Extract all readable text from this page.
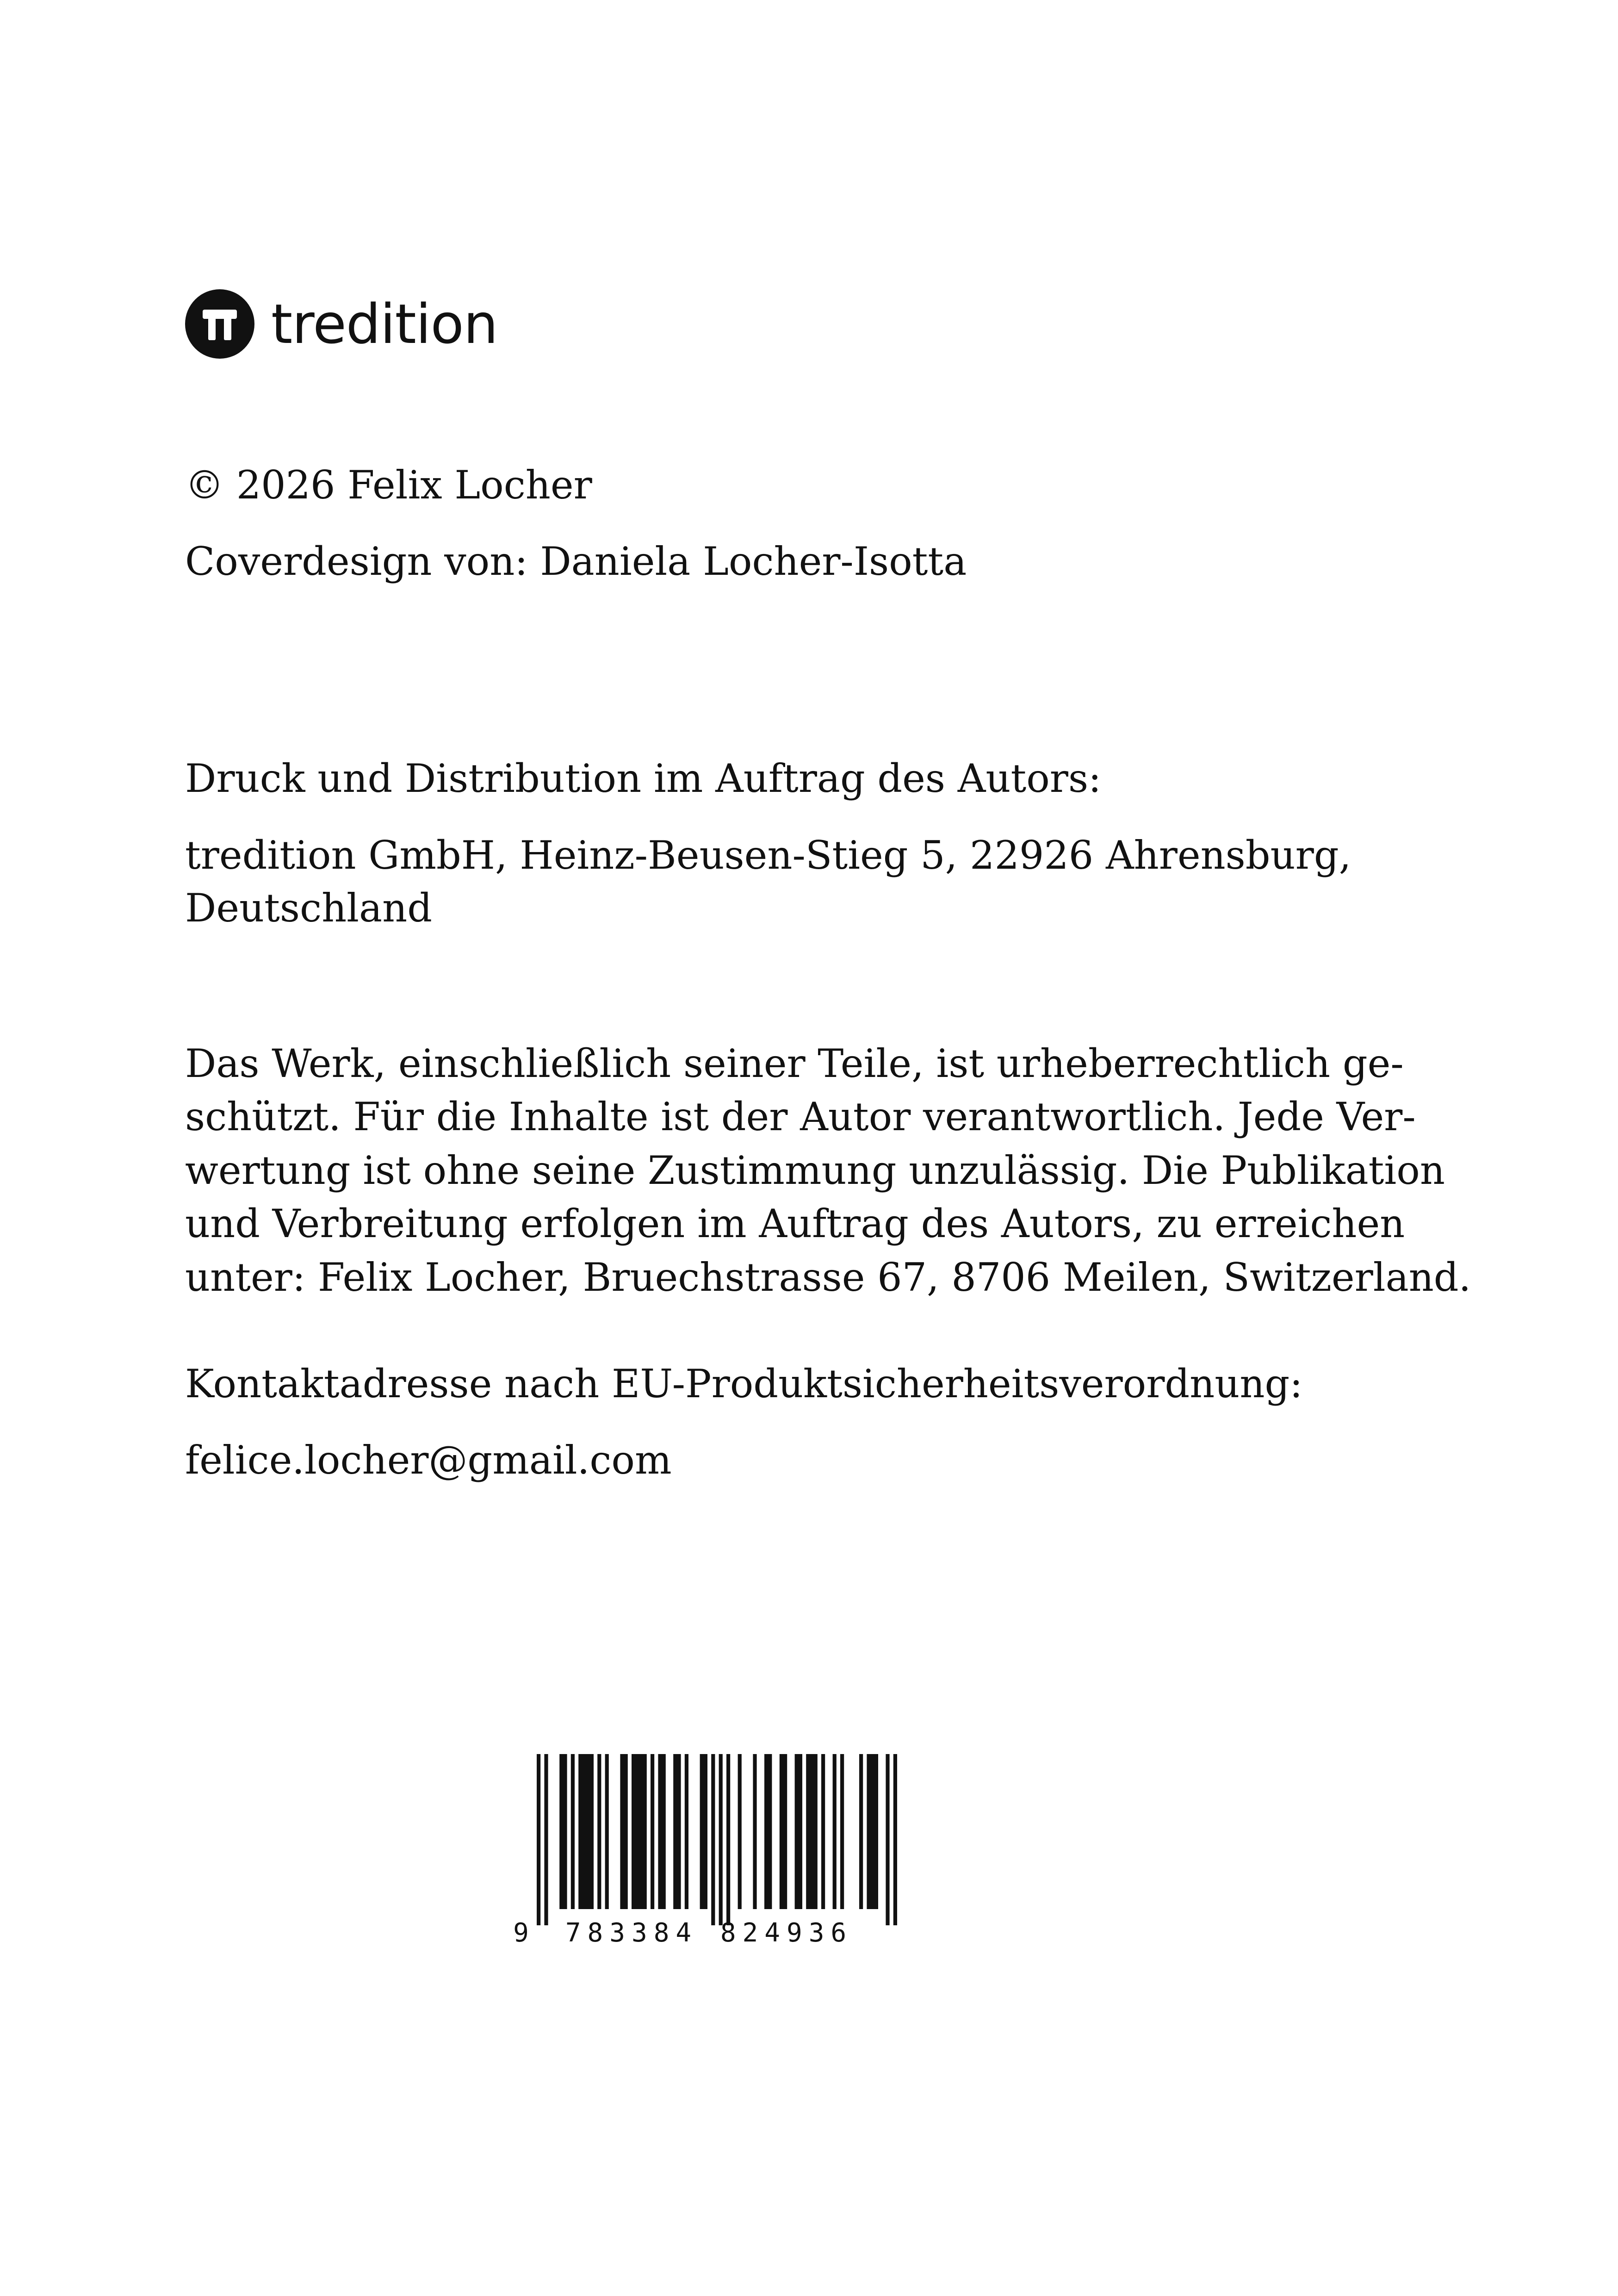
tredition
© 2026 Felix Locher
Coverdesign von: Daniela Locher-Isotta
Druck und Distribution im Auftrag des Autors:
tredition GmbH, Heinz-Beusen-Stieg 5, 22926 Ahrensburg,
Deutschland
Das Werk, einschließlich seiner Teile, ist urheberrechtlich ge-
schützt. Für die Inhalte ist der Autor verantwortlich. Jede Ver-
wertung ist ohne seine Zustimmung unzulässig. Die Publikation
und Verbreitung erfolgen im Auftrag des Autors, zu erreichen
unter: Felix Locher, Bruechstrasse 67, 8706 Meilen, Switzerland.
Kontaktadresse nach EU-Produktsicherheitsverordnung:
felice.locher@gmail.com
9 783384 824936
